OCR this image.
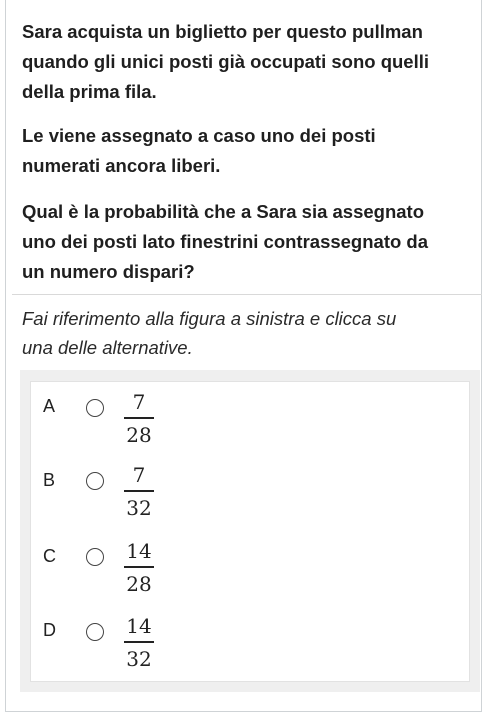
Sara acquista un biglietto per questo pullman
quando gli unici posti già occupati sono quelli
della prima fila.
Le viene assegnato a caso uno dei posti
numerati ancora liberi.
Qual è la probabilità che a Sara sia assegnato
uno dei posti lato finestrini contrassegnato da
un numero dispari?
Fai riferimento alla figura a sinistra e clicca su
una delle alternative.
A	7
28
B	7
32
C	14
28
D	14
32
